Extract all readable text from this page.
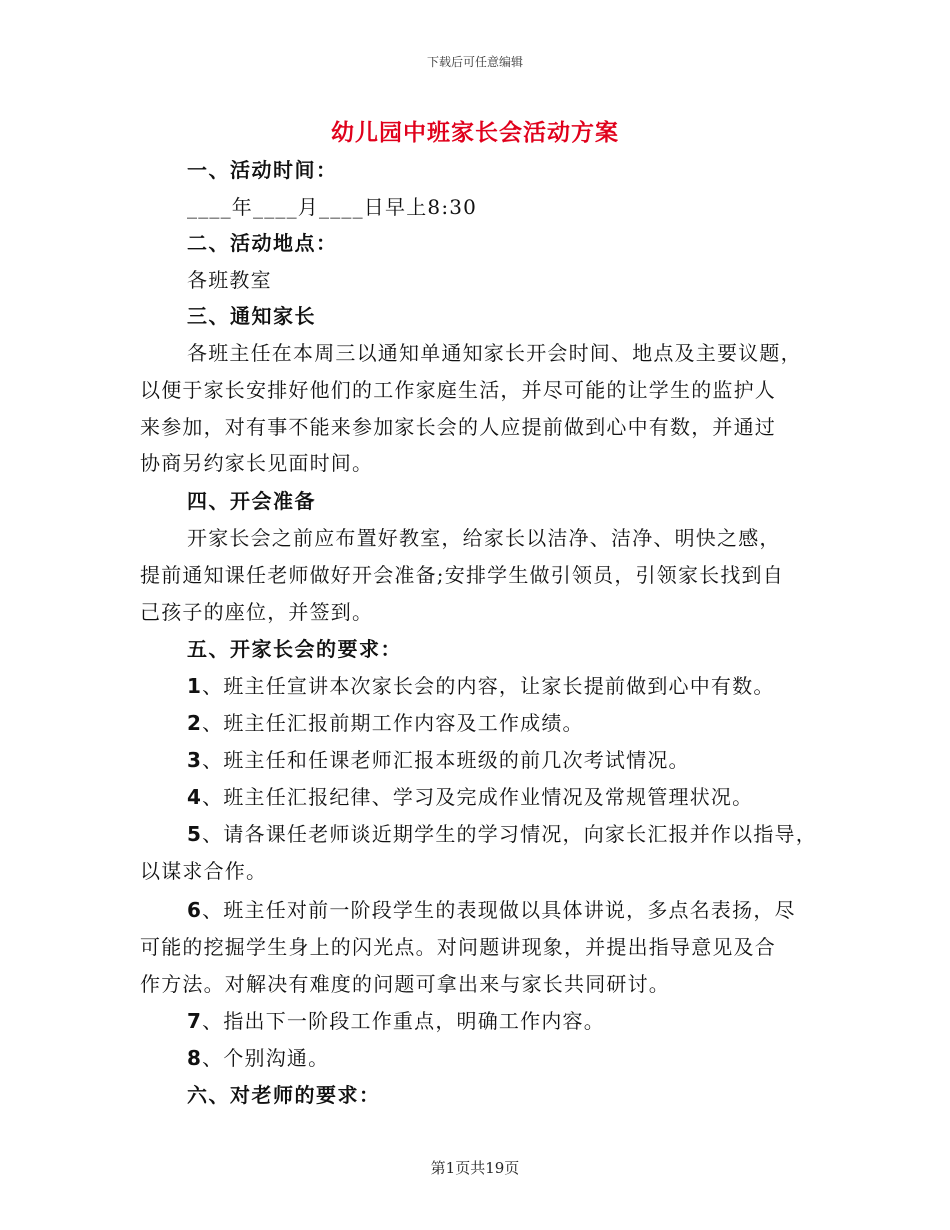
下载后可任意编辑
幼儿园中班家长会活动方案
一、活动时间：
____年____月____日早上8:30
二、活动地点：
各班教室
三、通知家长
各班主任在本周三以通知单通知家长开会时间、地点及主要议题，
以便于家长安排好他们的工作家庭生活，并尽可能的让学生的监护人
来参加，对有事不能来参加家长会的人应提前做到心中有数，并通过
协商另约家长见面时间。
四、开会准备
开家长会之前应布置好教室，给家长以洁净、洁净、明快之感，
提前通知课任老师做好开会准备;安排学生做引领员，引领家长找到自
己孩子的座位，并签到。
五、开家长会的要求：
1、班主任宣讲本次家长会的内容，让家长提前做到心中有数。
2、班主任汇报前期工作内容及工作成绩。
3、班主任和任课老师汇报本班级的前几次考试情况。
4、班主任汇报纪律、学习及完成作业情况及常规管理状况。
5、请各课任老师谈近期学生的学习情况，向家长汇报并作以指导，
以谋求合作。
6、班主任对前一阶段学生的表现做以具体讲说，多点名表扬，尽
可能的挖掘学生身上的闪光点。对问题讲现象，并提出指导意见及合
作方法。对解决有难度的问题可拿出来与家长共同研讨。
7、指出下一阶段工作重点，明确工作内容。
8、个别沟通。
六、对老师的要求：
第1页共19页
